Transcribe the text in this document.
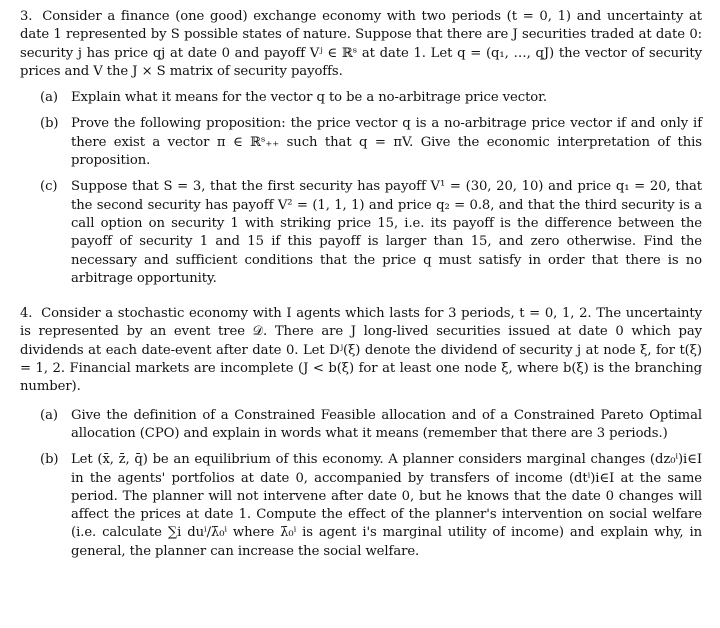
3. Consider a finance (one good) exchange economy with two periods (t = 0, 1) and uncertainty at date 1 represented by S possible states of nature. Suppose that there are J securities traded at date 0: security j has price qj at date 0 and payoff Vʲ ∈ ℝˢ at date 1. Let q = (q₁, …, qJ) the vector of security prices and V the J × S matrix of security payoffs.

(a) Explain what it means for the vector q to be a no-arbitrage price vector.
(b) Prove the following proposition: the price vector q is a no-arbitrage price vector if and only if there exist a vector π ∈ ℝˢ₊₊ such that q = πV. Give the economic interpretation of this proposition.
(c)	Suppose that S = 3, that the first security has payoff V¹ = (30, 20, 10) and price q₁ = 20, that the second security has payoff V² = (1, 1, 1) and price q₂ = 0.8, and that the third security is a call option on security 1 with striking price 15, i.e. its payoff is the difference between the payoff of security 1 and 15 if this payoff is larger than 15, and zero otherwise. Find the necessary and sufficient conditions that the price q must satisfy in order that there is no arbitrage opportunity.

4. Consider a stochastic economy with I agents which lasts for 3 periods, t = 0, 1, 2. The uncertainty is represented by an event tree 𝒟. There are J long-lived securities issued at date 0 which pay dividends at each date-event after date 0. Let Dʲ(ξ) denote the dividend of security j at node ξ, for t(ξ) = 1, 2. Financial markets are incomplete (J < b(ξ) for at least one node ξ, where b(ξ) is the branching number).

(a) Give the definition of a Constrained Feasible allocation and of a Constrained Pareto Optimal allocation (CPO) and explain in words what it means (remember that there are 3 periods.)
(b) Let (x̄, z̄, q̄) be an equilibrium of this economy. A planner considers marginal changes (dz₀ⁱ)i∈I in the agents' portfolios at date 0, accompanied by transfers of income (dtⁱ)i∈I at the same period. The planner will not intervene after date 0, but he knows that the date 0 changes will affect the prices at date 1. Compute the effect of the planner's intervention on social welfare (i.e. calculate ∑i duⁱ/λ̄₀ⁱ where λ̄₀ⁱ is agent i's marginal utility of income) and explain why, in general, the planner can increase the social welfare.
